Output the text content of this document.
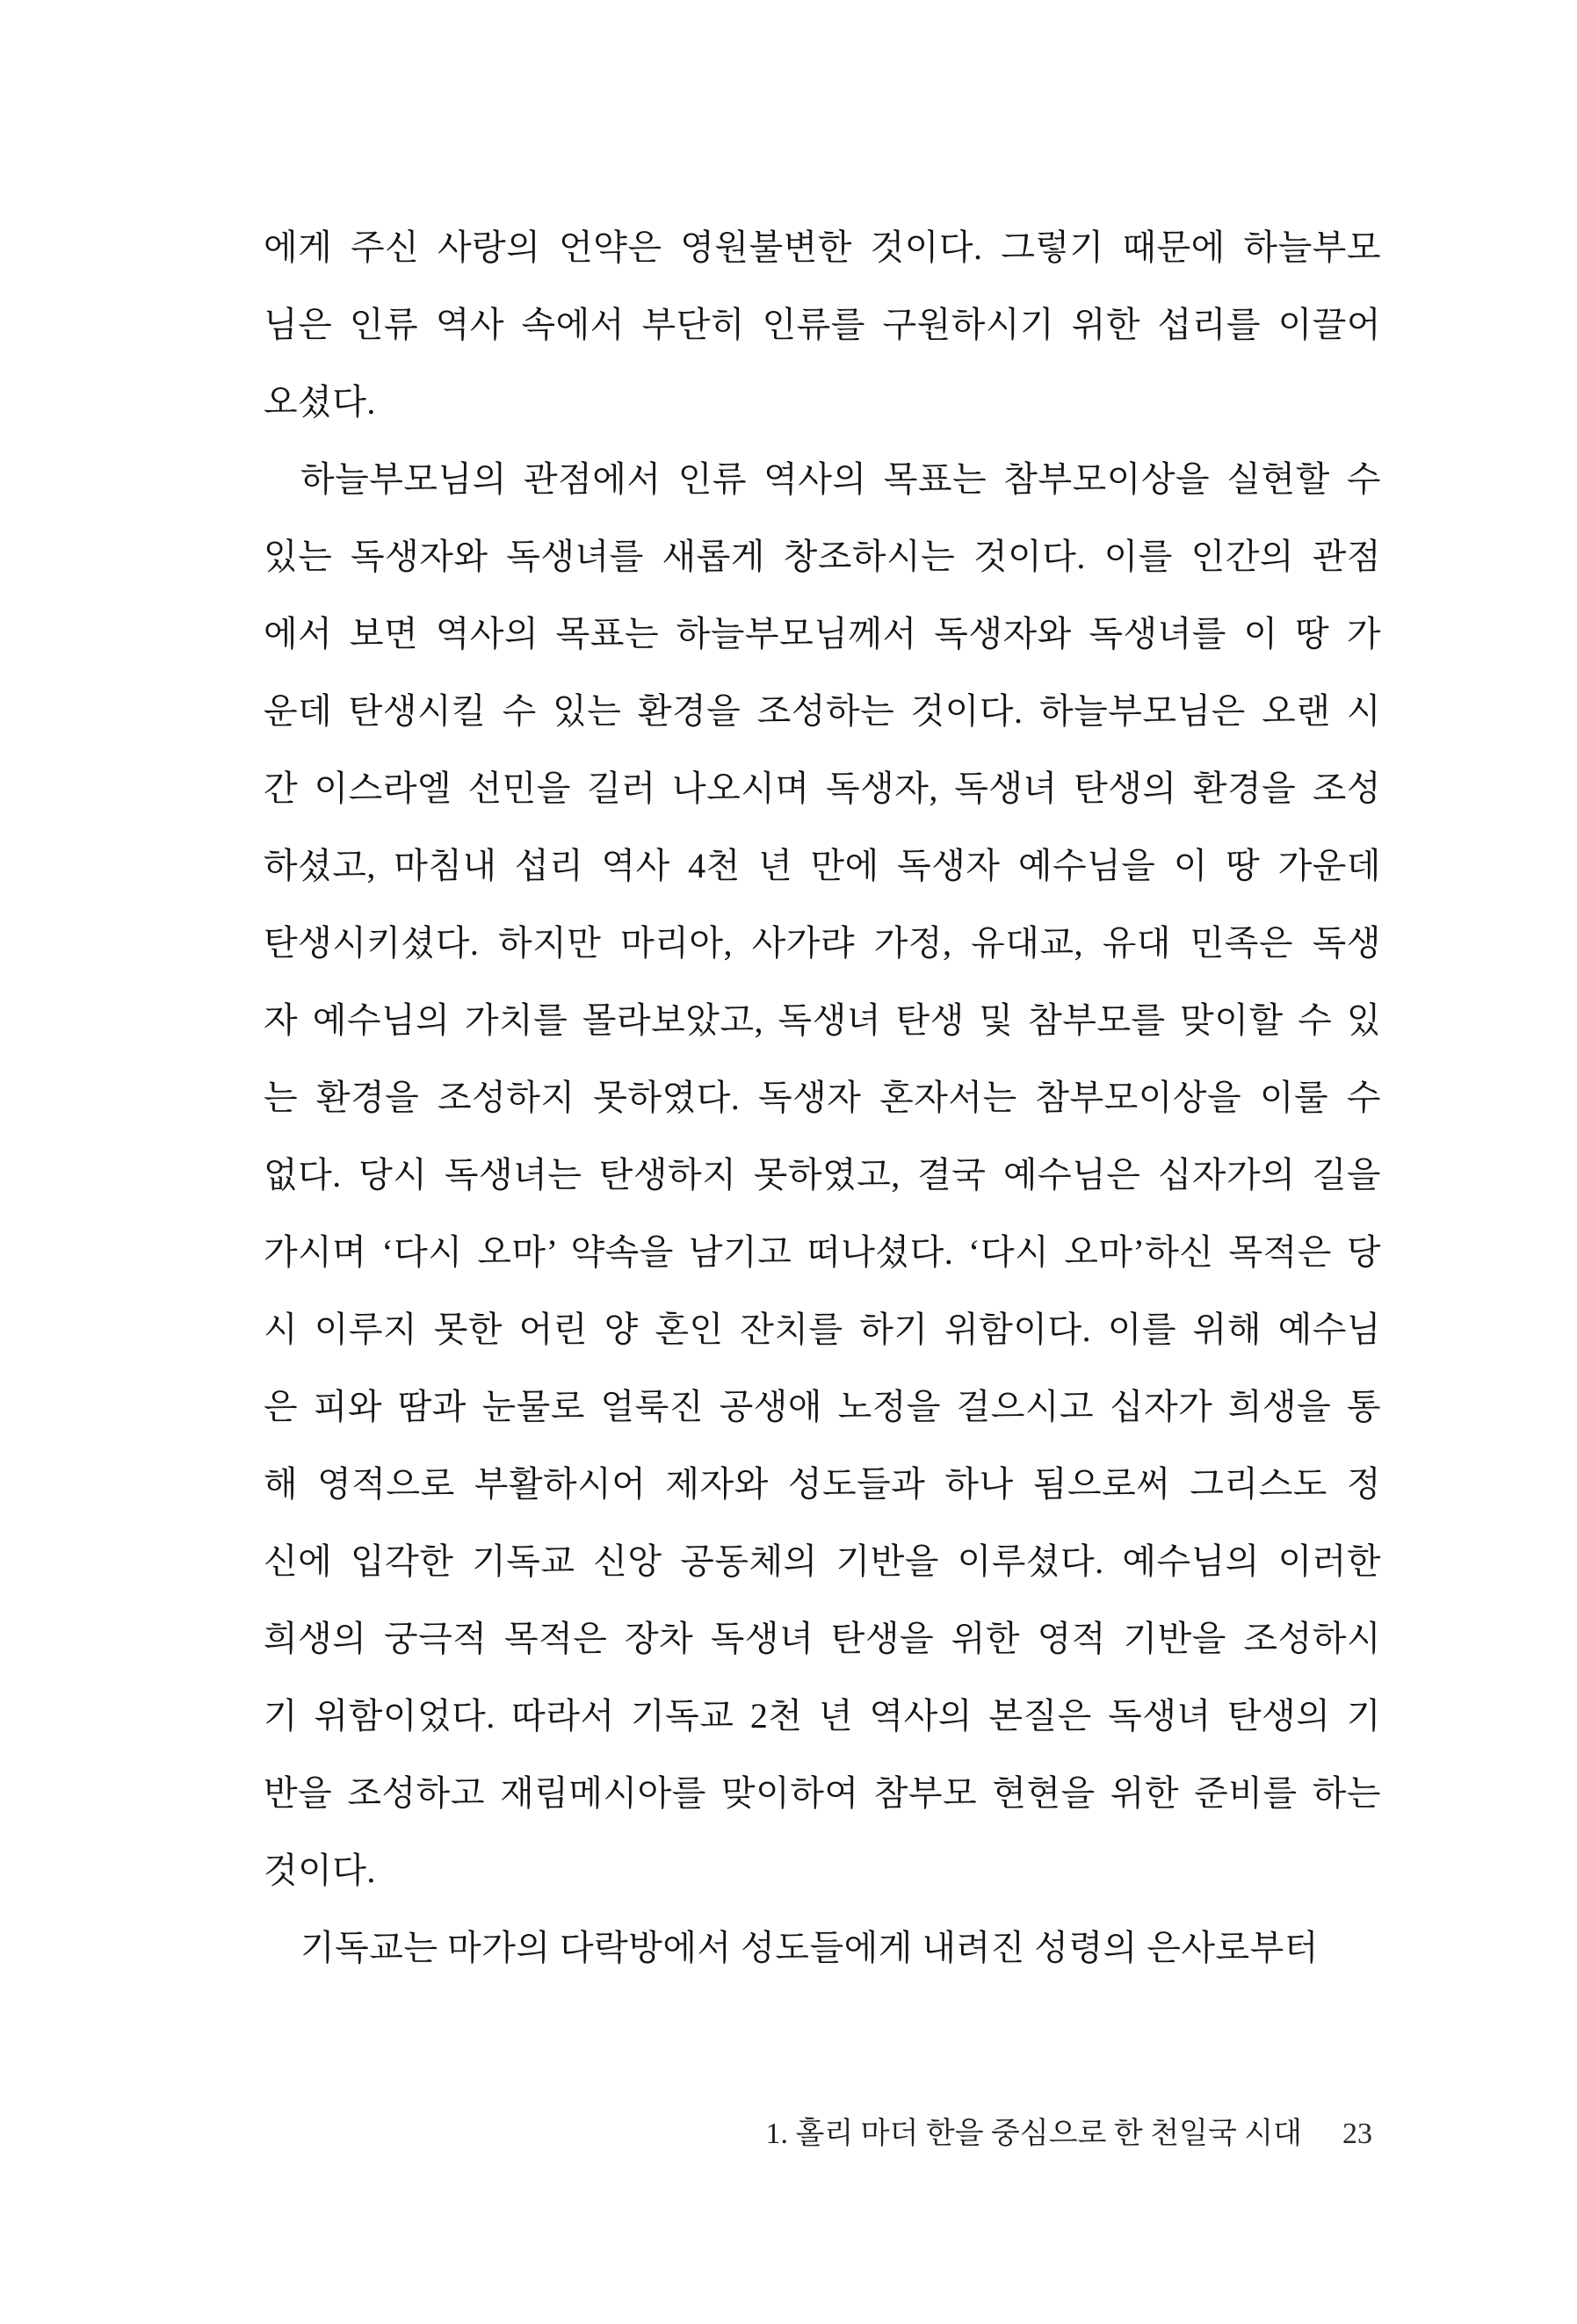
에게 주신 사랑의 언약은 영원불변한 것이다. 그렇기 때문에 하늘부모
님은 인류 역사 속에서 부단히 인류를 구원하시기 위한 섭리를 이끌어
오셨다.
하늘부모님의 관점에서 인류 역사의 목표는 참부모이상을 실현할 수
있는 독생자와 독생녀를 새롭게 창조하시는 것이다. 이를 인간의 관점
에서 보면 역사의 목표는 하늘부모님께서 독생자와 독생녀를 이 땅 가
운데 탄생시킬 수 있는 환경을 조성하는 것이다. 하늘부모님은 오랜 시
간 이스라엘 선민을 길러 나오시며 독생자, 독생녀 탄생의 환경을 조성
하셨고, 마침내 섭리 역사 4천 년 만에 독생자 예수님을 이 땅 가운데
탄생시키셨다. 하지만 마리아, 사가랴 가정, 유대교, 유대 민족은 독생
자 예수님의 가치를 몰라보았고, 독생녀 탄생 및 참부모를 맞이할 수 있
는 환경을 조성하지 못하였다. 독생자 혼자서는 참부모이상을 이룰 수
없다. 당시 독생녀는 탄생하지 못하였고, 결국 예수님은 십자가의 길을
가시며 ‘다시 오마’ 약속을 남기고 떠나셨다. ‘다시 오마’하신 목적은 당
시 이루지 못한 어린 양 혼인 잔치를 하기 위함이다. 이를 위해 예수님
은 피와 땀과 눈물로 얼룩진 공생애 노정을 걸으시고 십자가 희생을 통
해 영적으로 부활하시어 제자와 성도들과 하나 됨으로써 그리스도 정
신에 입각한 기독교 신앙 공동체의 기반을 이루셨다. 예수님의 이러한
희생의 궁극적 목적은 장차 독생녀 탄생을 위한 영적 기반을 조성하시
기 위함이었다. 따라서 기독교 2천 년 역사의 본질은 독생녀 탄생의 기
반을 조성하고 재림메시아를 맞이하여 참부모 현현을 위한 준비를 하는
것이다.
기독교는 마가의 다락방에서 성도들에게 내려진 성령의 은사로부터
1. 홀리 마더 한을 중심으로 한 천일국 시대 23
